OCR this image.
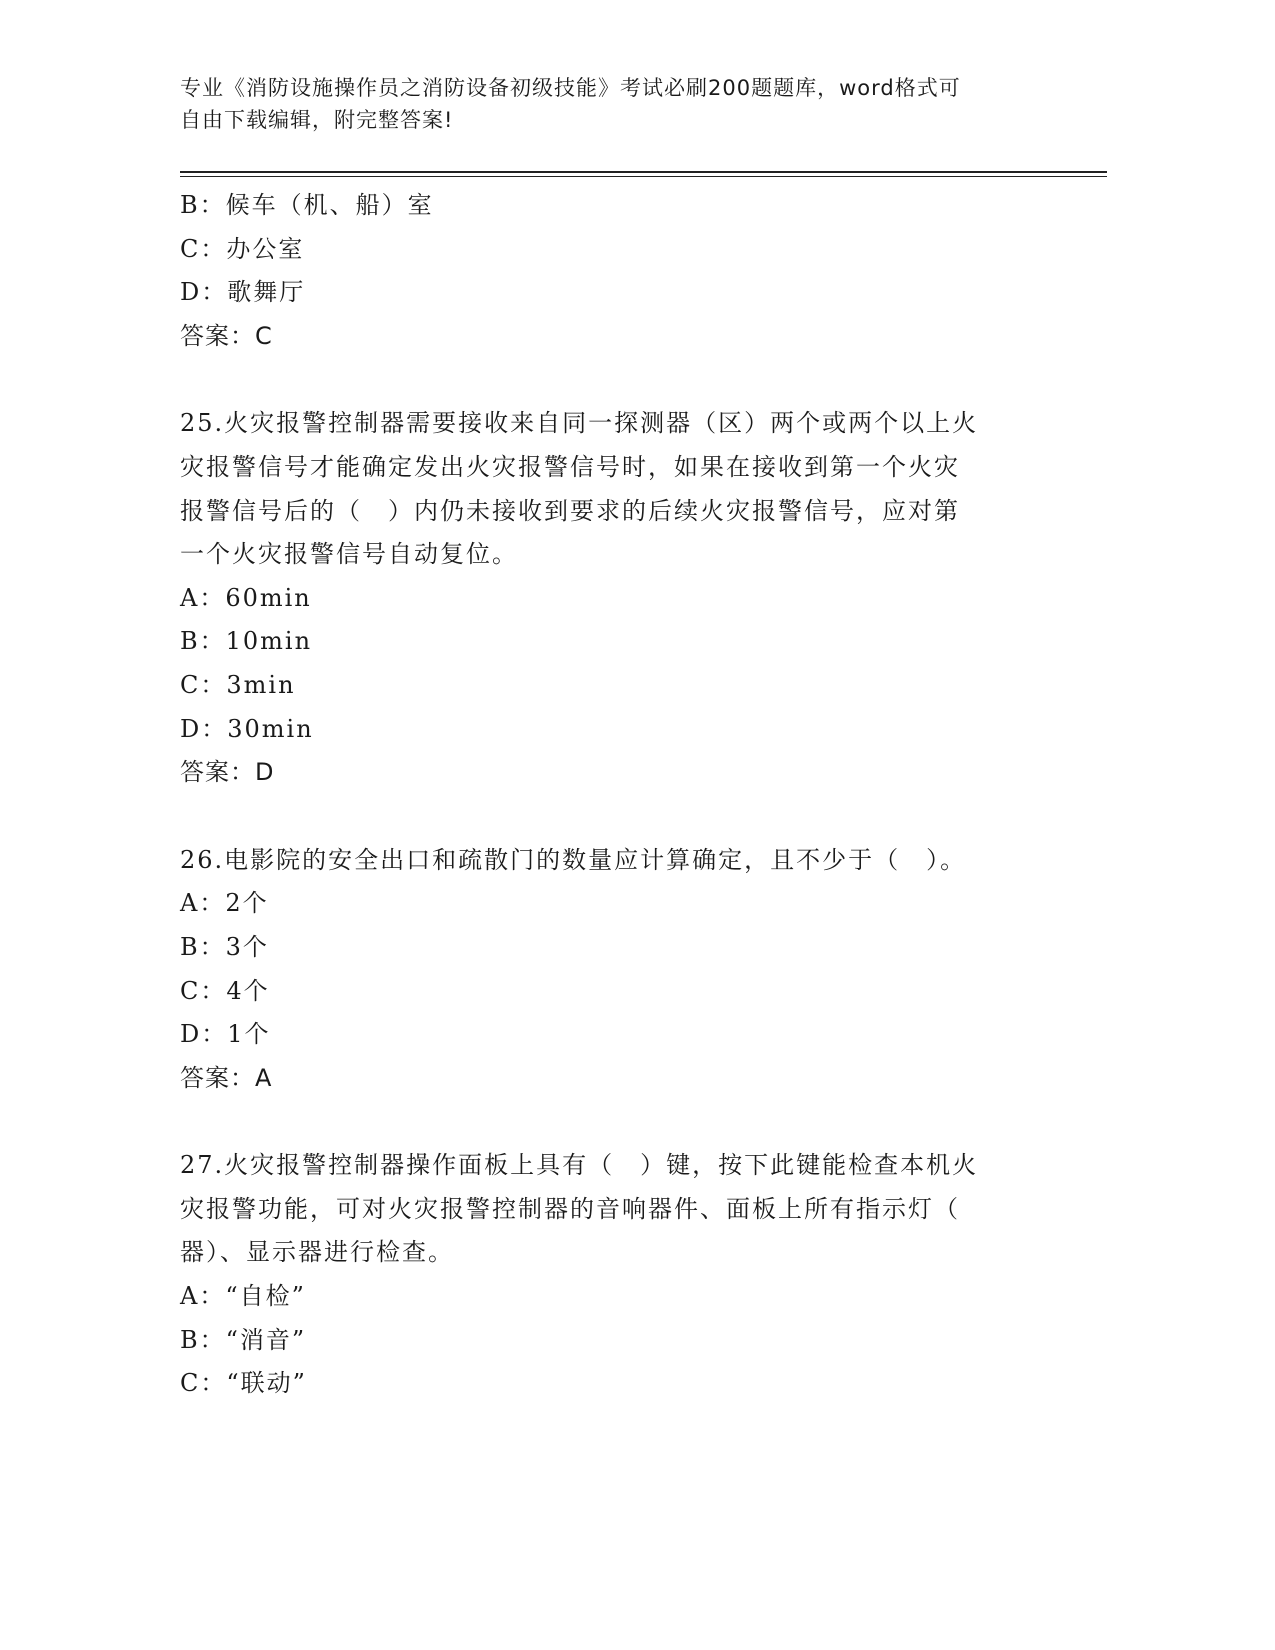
专业《消防设施操作员之消防设备初级技能》考试必刷200题题库，word格式可
自由下载编辑，附完整答案!
B：候车（机、船）室
C：办公室
D：歌舞厅
答案：C
25.火灾报警控制器需要接收来自同一探测器（区）两个或两个以上火
灾报警信号才能确定发出火灾报警信号时，如果在接收到第一个火灾
报警信号后的（　）内仍未接收到要求的后续火灾报警信号，应对第
一个火灾报警信号自动复位。
A：60min
B：10min
C：3min
D：30min
答案：D
26.电影院的安全出口和疏散门的数量应计算确定，且不少于（　）。
A：2个
B：3个
C：4个
D：1个
答案：A
27.火灾报警控制器操作面板上具有（　）键，按下此键能检查本机火
灾报警功能，可对火灾报警控制器的音响器件、面板上所有指示灯（
器）、显示器进行检查。
A：“自检”
B：“消音”
C：“联动”
